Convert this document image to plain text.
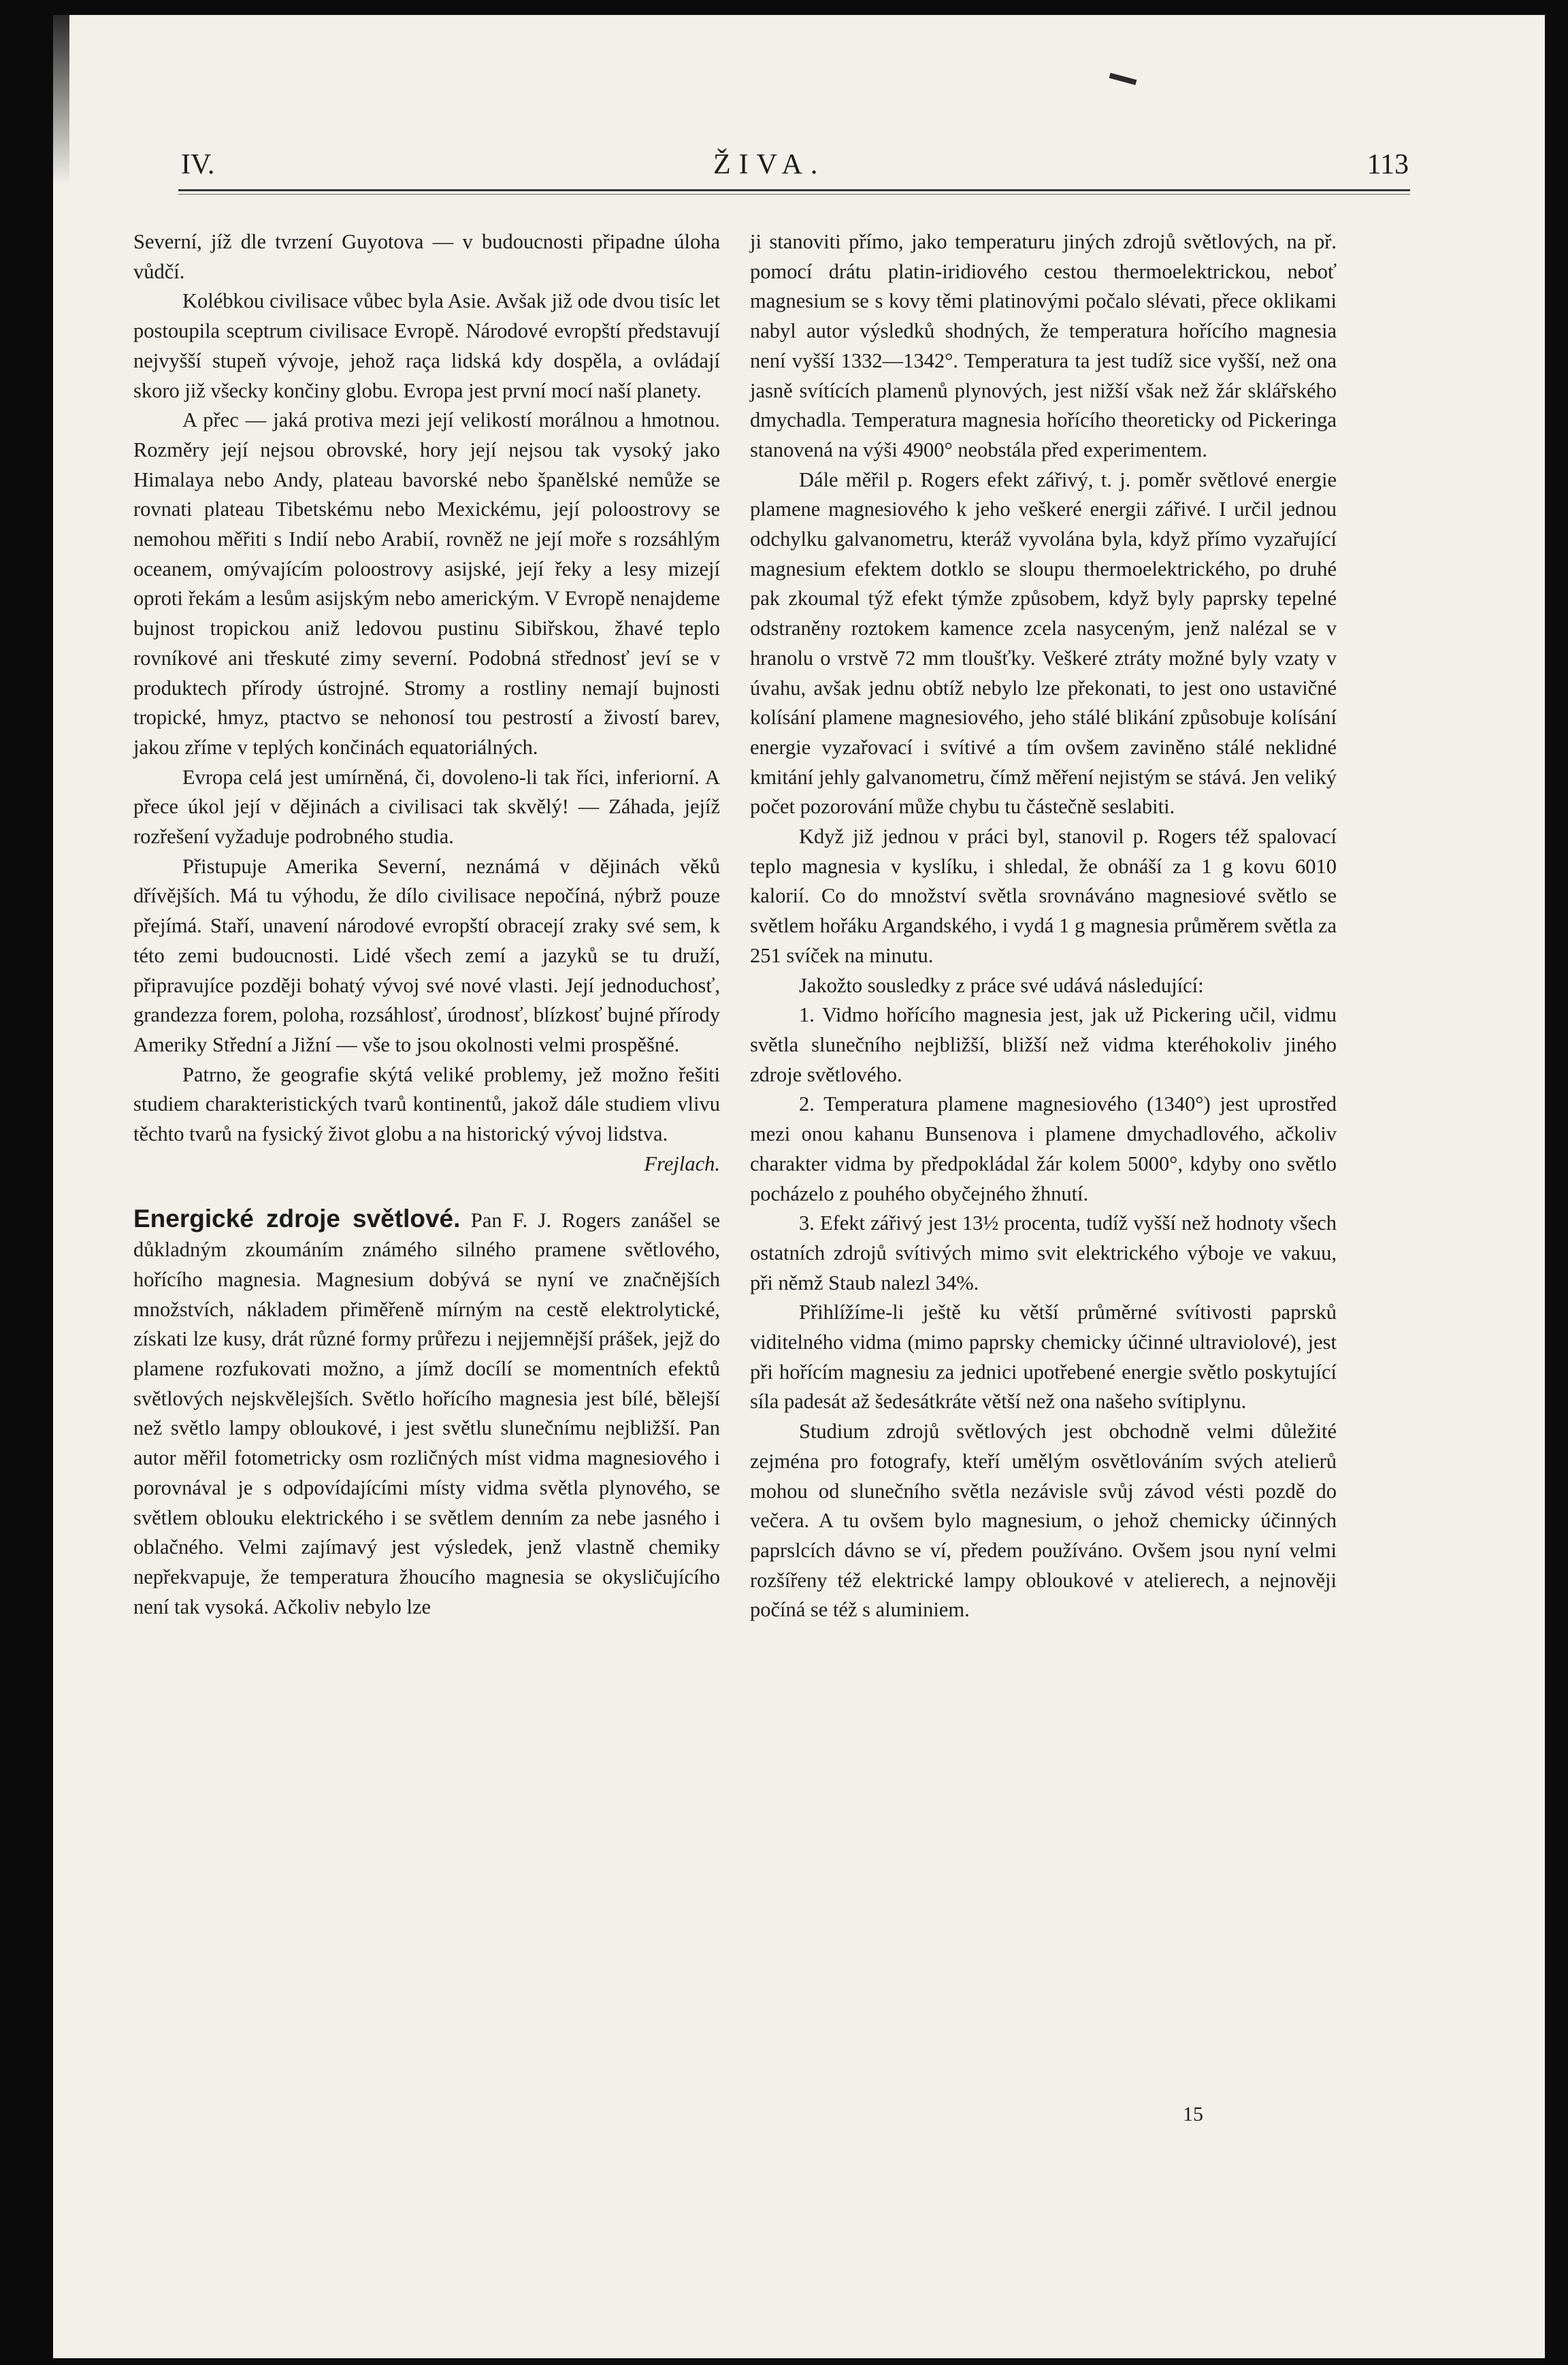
IV.	ŽIVA.	113

Severní, jíž dle tvrzení Guyotova — v budoucnosti připadne úloha vůdčí.

Kolébkou civilisace vůbec byla Asie. Avšak již ode dvou tisíc let postoupila sceptrum civilisace Evropě. Národové evropští představují nejvyšší stupeň vývoje, jehož raça lidská kdy dospěla, a ovládají skoro již všecky končiny globu. Evropa jest první mocí naší planety.

A přec — jaká protiva mezi její velikostí morálnou a hmotnou. Rozměry její nejsou obrovské, hory její nejsou tak vysoký jako Himalaya nebo Andy, plateau bavorské nebo španělské nemůže se rovnati plateau Tibetskému nebo Mexickému, její poloostrovy se nemohou měřiti s Indií nebo Arabií, rovněž ne její moře s rozsáhlým oceanem, omývajícím poloostrovy asijské, její řeky a lesy mizejí oproti řekám a lesům asijským nebo americkým. V Evropě nenajdeme bujnost tropickou aniž ledovou pustinu Sibiřskou, žhavé teplo rovníkové ani třeskuté zimy severní. Podobná střednosť jeví se v produktech přírody ústrojné. Stromy a rostliny nemají bujnosti tropické, hmyz, ptactvo se nehonosí tou pestrostí a živostí barev, jakou zříme v teplých končinách equatoriálných.

Evropa celá jest umírněná, či, dovoleno-li tak říci, inferiorní. A přece úkol její v dějinách a civilisaci tak skvělý! — Záhada, jejíž rozřešení vyžaduje podrobného studia.

Přistupuje Amerika Severní, neznámá v dějinách věků dřívějších. Má tu výhodu, že dílo civilisace nepočíná, nýbrž pouze přejímá. Staří, unavení národové evropští obracejí zraky své sem, k této zemi budoucnosti. Lidé všech zemí a jazyků se tu druží, připravujíce později bohatý vývoj své nové vlasti. Její jednoduchosť, grandezza forem, poloha, rozsáhlosť, úrodnosť, blízkosť bujné přírody Ameriky Střední a Jižní — vše to jsou okolnosti velmi prospěšné.

Patrno, že geografie skýtá veliké problemy, jež možno řešiti studiem charakteristických tvarů kontinentů, jakož dále studiem vlivu těchto tvarů na fysický život globu a na historický vývoj lidstva.

Frejlach.

Energické zdroje světlové. Pan F. J. Rogers zanášel se důkladným zkoumáním známého silného pramene světlového, hořícího magnesia. Magnesium dobývá se nyní ve značnějších množstvích, nákladem přiměřeně mírným na cestě elektrolytické, získati lze kusy, drát různé formy průřezu i nejjemnější prášek, jejž do plamene rozfukovati možno, a jímž docílí se momentních efektů světlových nejskvělejších. Světlo hořícího magnesia jest bílé, bělejší než světlo lampy obloukové, i jest světlu slunečnímu nejbližší. Pan autor měřil fotometricky osm rozličných míst vidma magnesiového i porovnával je s odpovídajícími místy vidma světla plynového, se světlem oblouku elektrického i se světlem denním za nebe jasného i oblačného. Velmi zajímavý jest výsledek, jenž vlastně chemiky nepřekvapuje, že temperatura žhoucího magnesia se okysličujícího není tak vysoká. Ačkoliv nebylo lze

ji stanoviti přímo, jako temperaturu jiných zdrojů světlových, na př. pomocí drátu platin-iridiového cestou thermoelektrickou, neboť magnesium se s kovy těmi platinovými počalo slévati, přece oklikami nabyl autor výsledků shodných, že temperatura hořícího magnesia není vyšší 1332—1342°. Temperatura ta jest tudíž sice vyšší, než ona jasně svítících plamenů plynových, jest nižší však než žár sklářského dmychadla. Temperatura magnesia hořícího theoreticky od Pickeringa stanovená na výši 4900° neobstála před experimentem.

Dále měřil p. Rogers efekt zářivý, t. j. poměr světlové energie plamene magnesiového k jeho veškeré energii zářivé. I určil jednou odchylku galvanometru, kteráž vyvolána byla, když přímo vyzařující magnesium efektem dotklo se sloupu thermoelektrického, po druhé pak zkoumal týž efekt týmže způsobem, když byly paprsky tepelné odstraněny roztokem kamence zcela nasyceným, jenž nalézal se v hranolu o vrstvě 72 mm tloušťky. Veškeré ztráty možné byly vzaty v úvahu, avšak jednu obtíž nebylo lze překonati, to jest ono ustavičné kolísání plamene magnesiového, jeho stálé blikání způsobuje kolísání energie vyzařovací i svítivé a tím ovšem zaviněno stálé neklidné kmitání jehly galvanometru, čímž měření nejistým se stává. Jen veliký počet pozorování může chybu tu částečně seslabiti.

Když již jednou v práci byl, stanovil p. Rogers též spalovací teplo magnesia v kyslíku, i shledal, že obnáší za 1 g kovu 6010 kalorií. Co do množství světla srovnáváno magnesiové světlo se světlem hořáku Argandského, i vydá 1 g magnesia průměrem světla za 251 svíček na minutu.

Jakožto sousledky z práce své udává následující:

1. Vidmo hořícího magnesia jest, jak už Pickering učil, vidmu světla slunečního nejbližší, bližší než vidma kteréhokoliv jiného zdroje světlového.

2. Temperatura plamene magnesiového (1340°) jest uprostřed mezi onou kahanu Bunsenova i plamene dmychadlového, ačkoliv charakter vidma by předpokládal žár kolem 5000°, kdyby ono světlo pocházelo z pouhého obyčejného žhnutí.

3. Efekt zářivý jest 13½ procenta, tudíž vyšší než hodnoty všech ostatních zdrojů svítivých mimo svit elektrického výboje ve vakuu, při němž Staub nalezl 34%.

Přihlížíme-li ještě ku větší průměrné svítivosti paprsků viditelného vidma (mimo paprsky chemicky účinné ultraviolové), jest při hořícím magnesiu za jednici upotřebené energie světlo poskytující síla padesát až šedesátkráte větší než ona našeho svítiplynu.

Studium zdrojů světlových jest obchodně velmi důležité zejména pro fotografy, kteří umělým osvětlováním svých atelierů mohou od slunečního světla nezávisle svůj závod vésti pozdě do večera. A tu ovšem bylo magnesium, o jehož chemicky účinných paprslcích dávno se ví, předem používáno. Ovšem jsou nyní velmi rozšířeny též elektrické lampy obloukové v atelierech, a nejnověji počíná se též s aluminiem.

15
